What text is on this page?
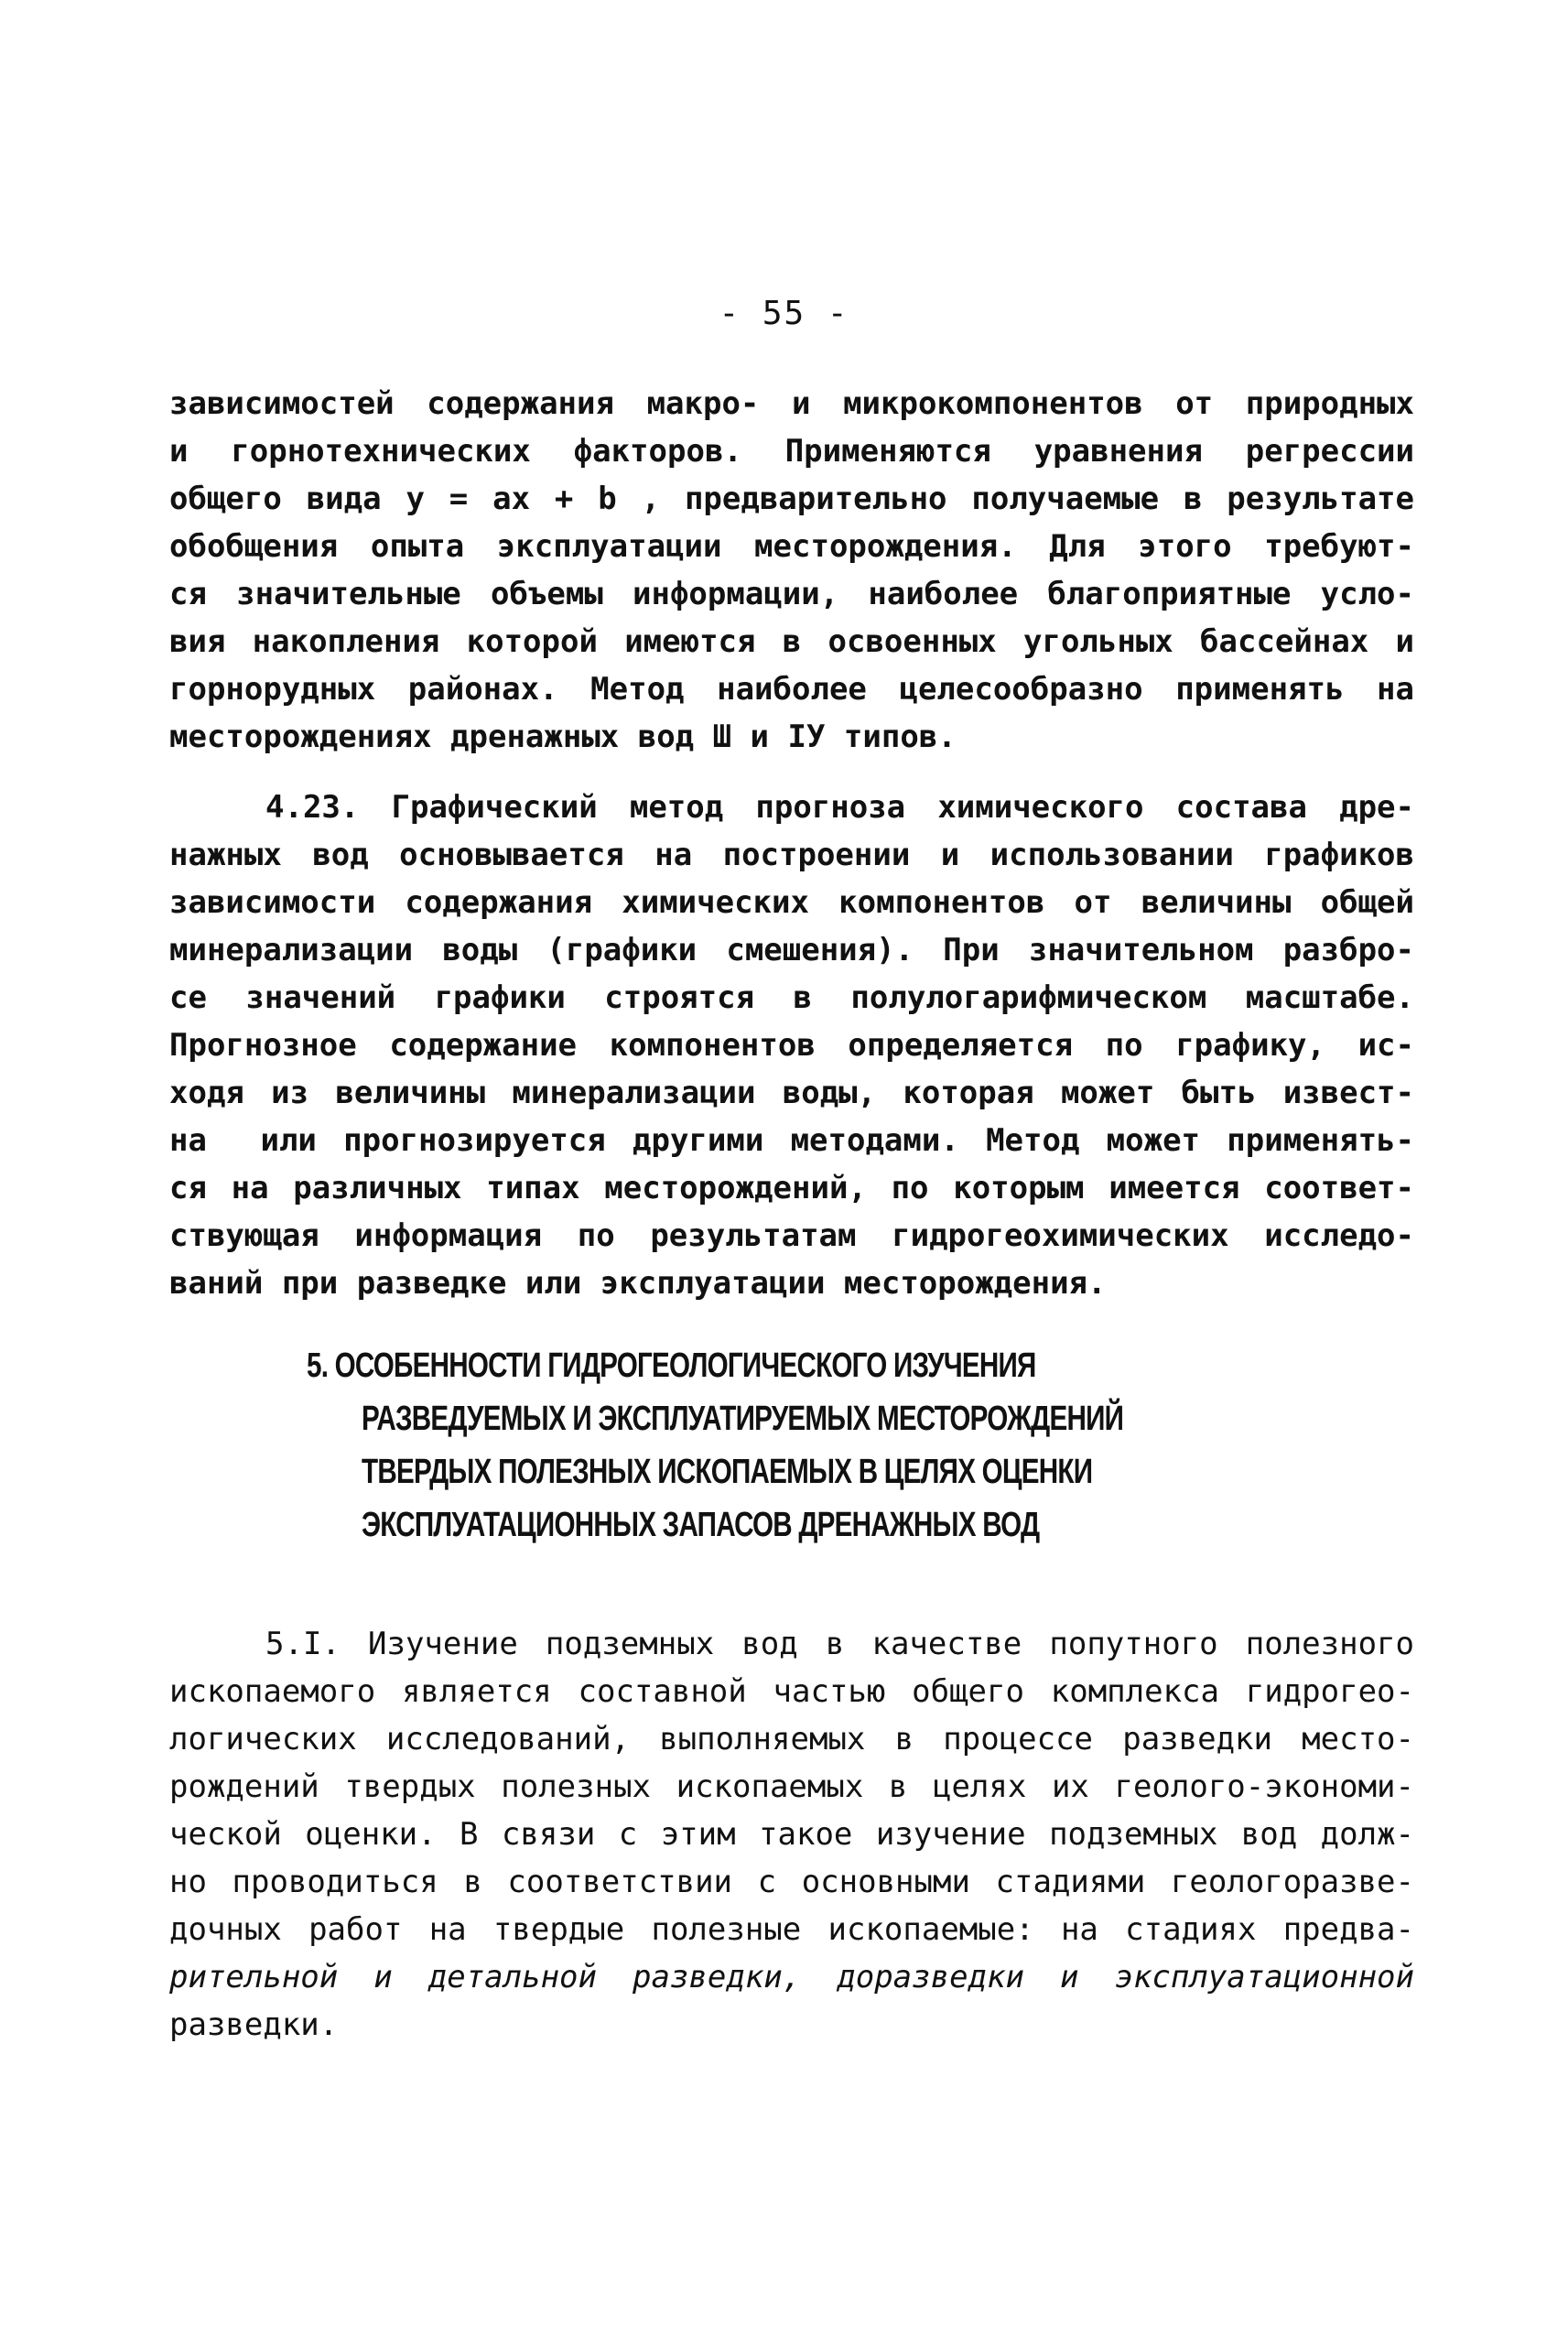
- 55 -
зависимостей содержания макро- и микрокомпонентов от природных
и горнотехнических факторов. Применяются уравнения регрессии
общего вида y = ax + b , предварительно получаемые в результате
обобщения опыта эксплуатации месторождения. Для этого требуют-
ся значительные объемы информации, наиболее благоприятные усло-
вия накопления которой имеются в освоенных угольных бассейнах и
горнорудных районах. Метод наиболее целесообразно применять на
месторождениях дренажных вод Ш и IУ типов.
4.23. Графический метод прогноза химического состава дре-
нажных вод основывается на построении и использовании графиков
зависимости содержания химических компонентов от величины общей
минерализации воды (графики смешения). При значительном разбро-
се значений графики строятся в полулогарифмическом масштабе.
Прогнозное содержание компонентов определяется по графику, ис-
ходя из величины минерализации воды, которая может быть извест-
на  или прогнозируется другими методами. Метод может применять-
ся на различных типах месторождений, по которым имеется соответ-
ствующая информация по результатам гидрогеохимических исследо-
ваний при разведке или эксплуатации месторождения.
5. ОСОБЕННОСТИ ГИДРОГЕОЛОГИЧЕСКОГО ИЗУЧЕНИЯ
РАЗВЕДУЕМЫХ И ЭКСПЛУАТИРУЕМЫХ МЕСТОРОЖДЕНИЙ
ТВЕРДЫХ ПОЛЕЗНЫХ ИСКОПАЕМЫХ В ЦЕЛЯХ ОЦЕНКИ
ЭКСПЛУАТАЦИОННЫХ ЗАПАСОВ ДРЕНАЖНЫХ ВОД
5.I. Изучение подземных вод в качестве попутного полезного
ископаемого является составной частью общего комплекса гидрогео-
логических исследований, выполняемых в процессе разведки место-
рождений твердых полезных ископаемых в целях их геолого-экономи-
ческой оценки. В связи с этим такое изучение подземных вод долж-
но проводиться в соответствии с основными стадиями геологоразве-
дочных работ на твердые полезные ископаемые: на стадиях предва-
рительной и детальной разведки, доразведки и эксплуатационной
разведки.
